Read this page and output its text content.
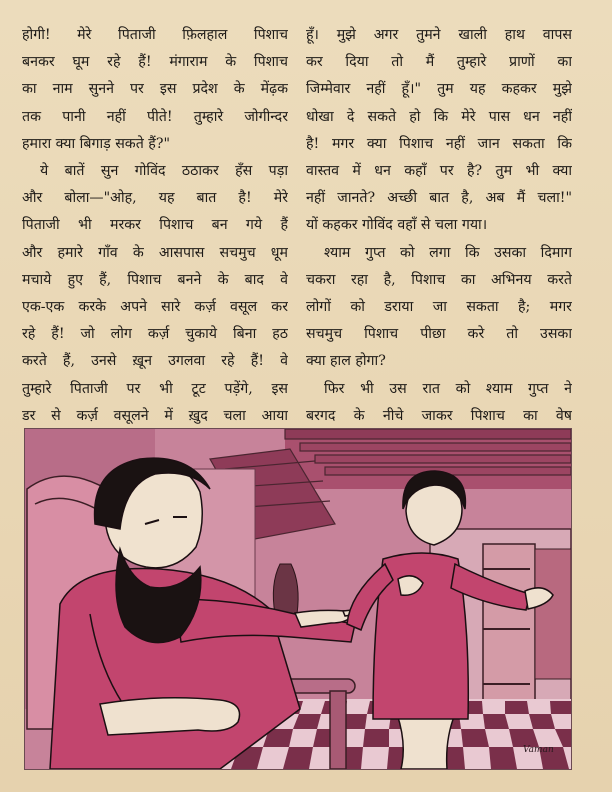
होगी! मेरे पिताजी फ़िलहाल पिशाच
बनकर घूम रहे हैं! मंगाराम के पिशाच
का नाम सुनने पर इस प्रदेश के मेंढ़क
तक पानी नहीं पीते! तुम्हारे जोगीन्दर
हमारा क्या बिगाड़ सकते हैं?"
ये बातें सुन गोविंद ठठाकर हँस पड़ा
और बोला—"ओह, यह बात है! मेरे
पिताजी भी मरकर पिशाच बन गये हैं
और हमारे गाँव के आसपास सचमुच धूम
मचाये हुए हैं, पिशाच बनने के बाद वे
एक-एक करके अपने सारे कर्ज़ वसूल कर
रहे हैं! जो लोग कर्ज़ चुकाये बिना हठ
करते हैं, उनसे ख़ून उगलवा रहे हैं! वे
तुम्हारे पिताजी पर भी टूट पड़ेंगे, इस
डर से कर्ज़ वसूलने में ख़ुद चला आया
हूँ। मुझे अगर तुमने खाली हाथ वापस
कर दिया तो मैं तुम्हारे प्राणों का
जिम्मेवार नहीं हूँ।" तुम यह कहकर मुझे
धोखा दे सकते हो कि मेरे पास धन नहीं
है! मगर क्या पिशाच नहीं जान सकता कि
वास्तव में धन कहाँ पर है? तुम भी क्या
नहीं जानते? अच्छी बात है, अब मैं चला!"
यों कहकर गोविंद वहाँ से चला गया।
श्याम गुप्त को लगा कि उसका दिमाग
चकरा रहा है, पिशाच का अभिनय करते
लोगों को डराया जा सकता है; मगर
सचमुच पिशाच पीछा करे तो उसका
क्या हाल होगा?
फिर भी उस रात को श्याम गुप्त ने
बरगद के नीचे जाकर पिशाच का वेष
Vaman
